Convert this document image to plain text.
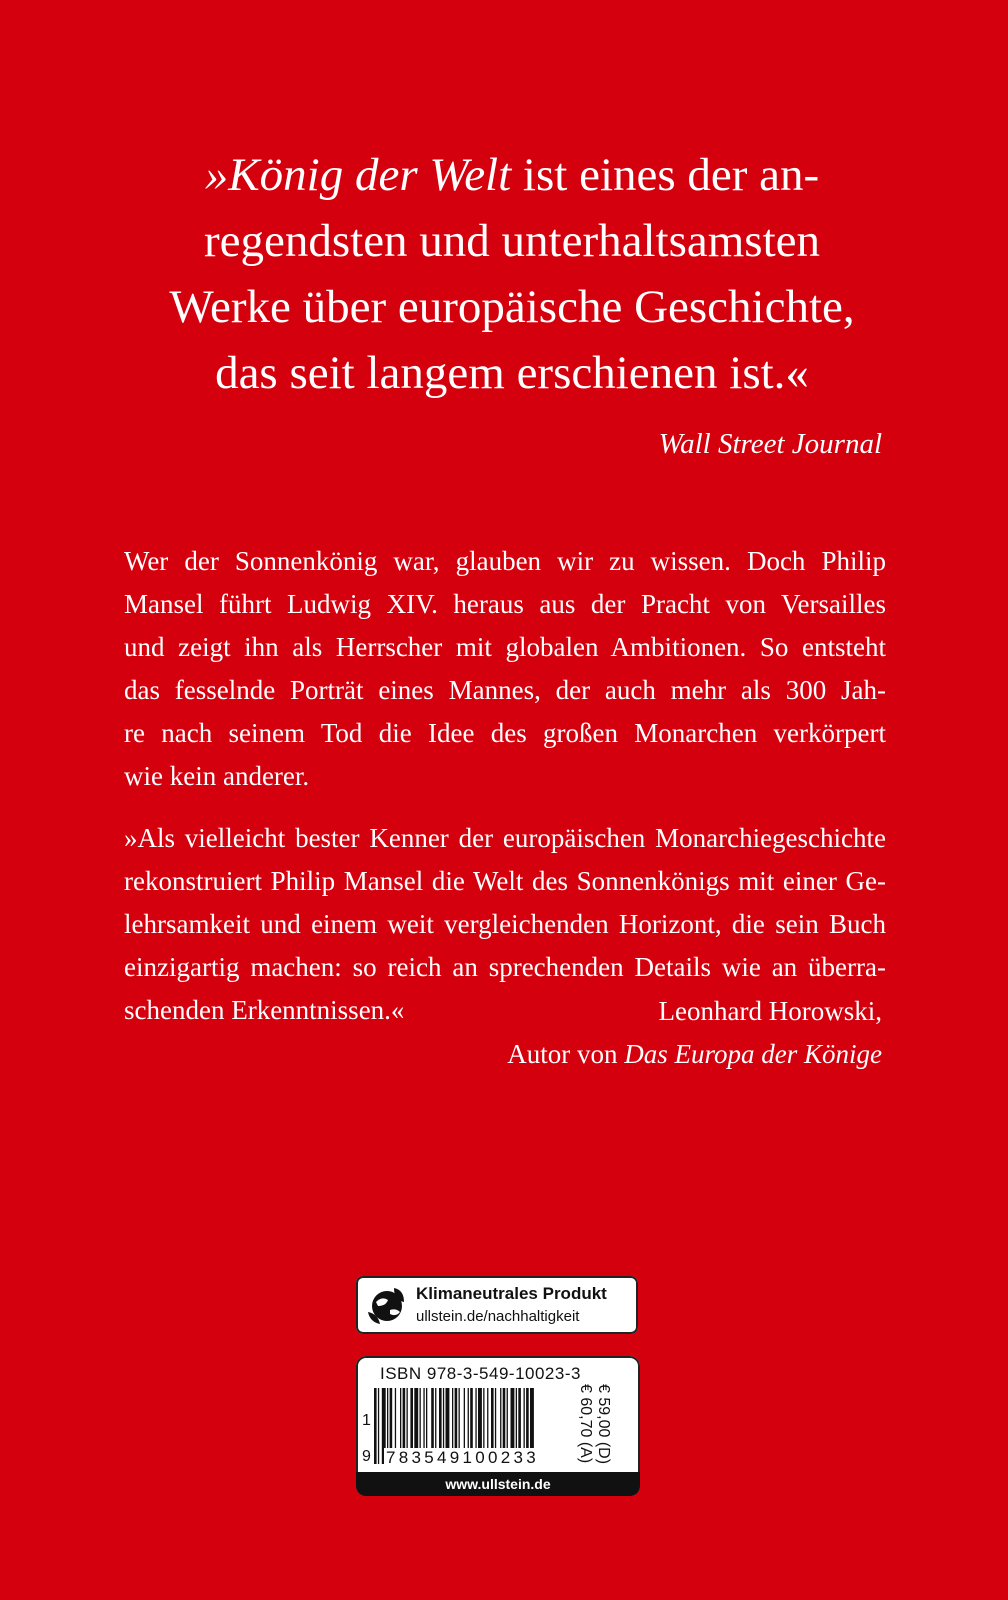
»König der Welt ist eines der an-
regendsten und unterhaltsamsten
Werke über europäische Geschichte,
das seit langem erschienen ist.«
Wall Street Journal
Wer der Sonnenkönig war, glauben wir zu wissen. Doch Philip
Mansel führt Ludwig XIV. heraus aus der Pracht von Versailles
und zeigt ihn als Herrscher mit globalen Ambitionen. So entsteht
das fesselnde Porträt eines Mannes, der auch mehr als 300 Jah-
re nach seinem Tod die Idee des großen Monarchen verkörpert
wie kein anderer.
»Als vielleicht bester Kenner der europäischen Monarchiegeschichte
rekonstruiert Philip Mansel die Welt des Sonnenkönigs mit einer Ge-
lehrsamkeit und einem weit vergleichenden Horizont, die sein Buch
einzigartig machen: so reich an sprechenden Details wie an überra-
schenden Erkenntnissen.«	Leonhard Horowski,
Autor von Das Europa der Könige
Klimaneutrales Produkt
ullstein.de/nachhaltigkeit
ISBN 978-3-549-10023-3
1
9 783549100233	€ 59,00 (D)
€ 60,70 (A)
www.ullstein.de
